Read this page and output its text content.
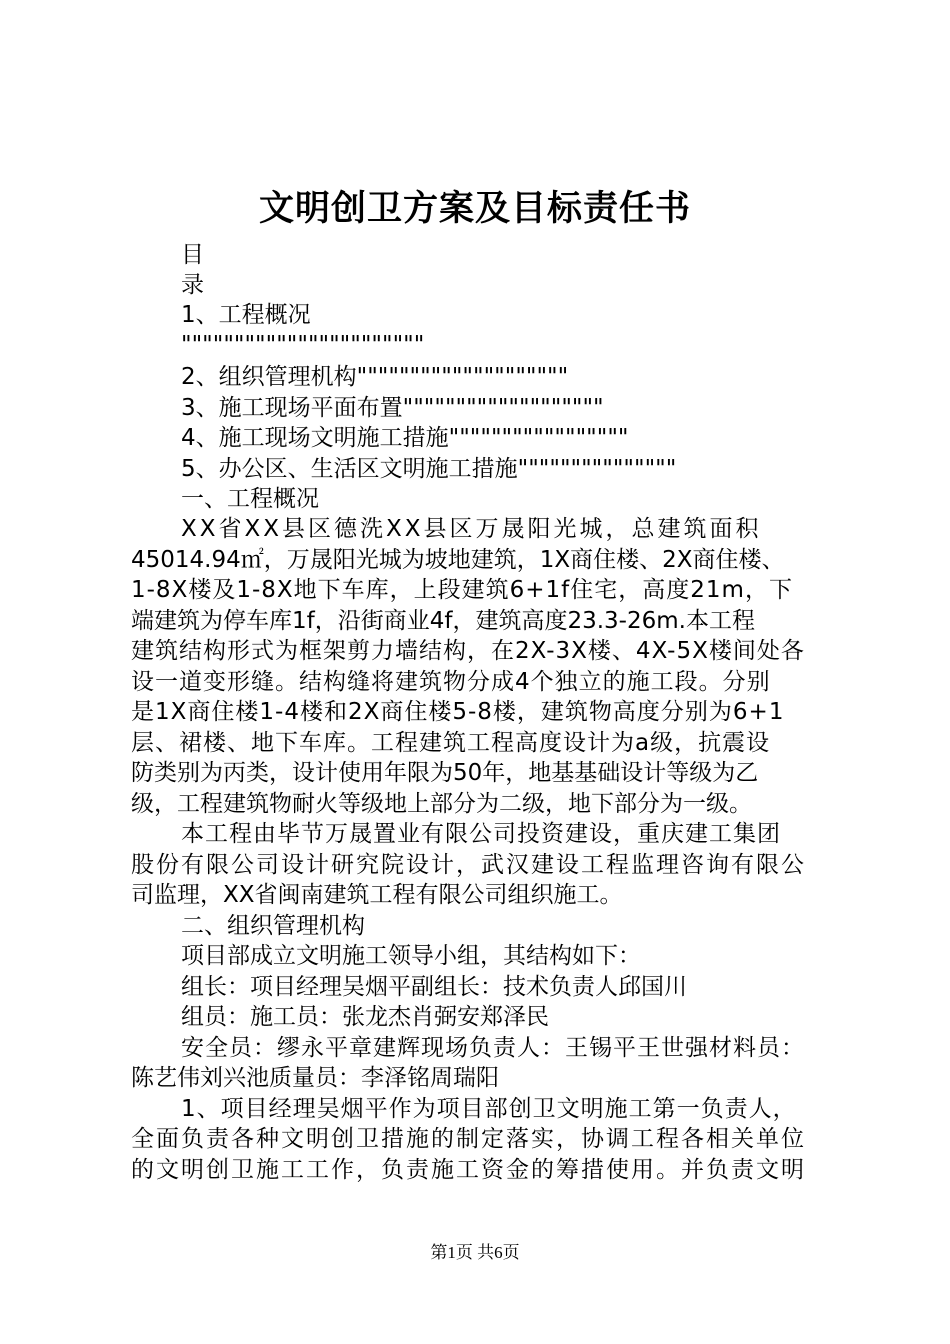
文明创卫方案及目标责任书
目
录
1、工程概况
"""""""""""""""""""""""
2、组织管理机构""""""""""""""""""""
3、施工现场平面布置"""""""""""""""""""
4、施工现场文明施工措施"""""""""""""""""
5、办公区、生活区文明施工措施"""""""""""""""
一、工程概况
XX省XX县区德洗XX县区万晟阳光城，总建筑面积
45014.94㎡，万晟阳光城为坡地建筑，1X商住楼、2X商住楼、
1-8X楼及1-8X地下车库，上段建筑6+1f住宅，高度21m，下
端建筑为停车库1f，沿街商业4f，建筑高度23.3-26m.本工程
建筑结构形式为框架剪力墙结构，在2X-3X楼、4X-5X楼间处各
设一道变形缝。结构缝将建筑物分成4个独立的施工段。分别
是1X商住楼1-4楼和2X商住楼5-8楼，建筑物高度分别为6+1
层、裙楼、地下车库。工程建筑工程高度设计为a级，抗震设
防类别为丙类，设计使用年限为50年，地基基础设计等级为乙
级，工程建筑物耐火等级地上部分为二级，地下部分为一级。
本工程由毕节万晟置业有限公司投资建设，重庆建工集团
股份有限公司设计研究院设计，武汉建设工程监理咨询有限公
司监理，XX省闽南建筑工程有限公司组织施工。
二、组织管理机构
项目部成立文明施工领导小组，其结构如下：
组长：项目经理吴烟平副组长：技术负责人邱国川
组员：施工员：张龙杰肖弼安郑泽民
安全员：缪永平章建辉现场负责人：王锡平王世强材料员：
陈艺伟刘兴池质量员：李泽铭周瑞阳
1、项目经理吴烟平作为项目部创卫文明施工第一负责人，
全面负责各种文明创卫措施的制定落实，协调工程各相关单位
的文明创卫施工工作，负责施工资金的筹措使用。并负责文明
第1页 共6页
